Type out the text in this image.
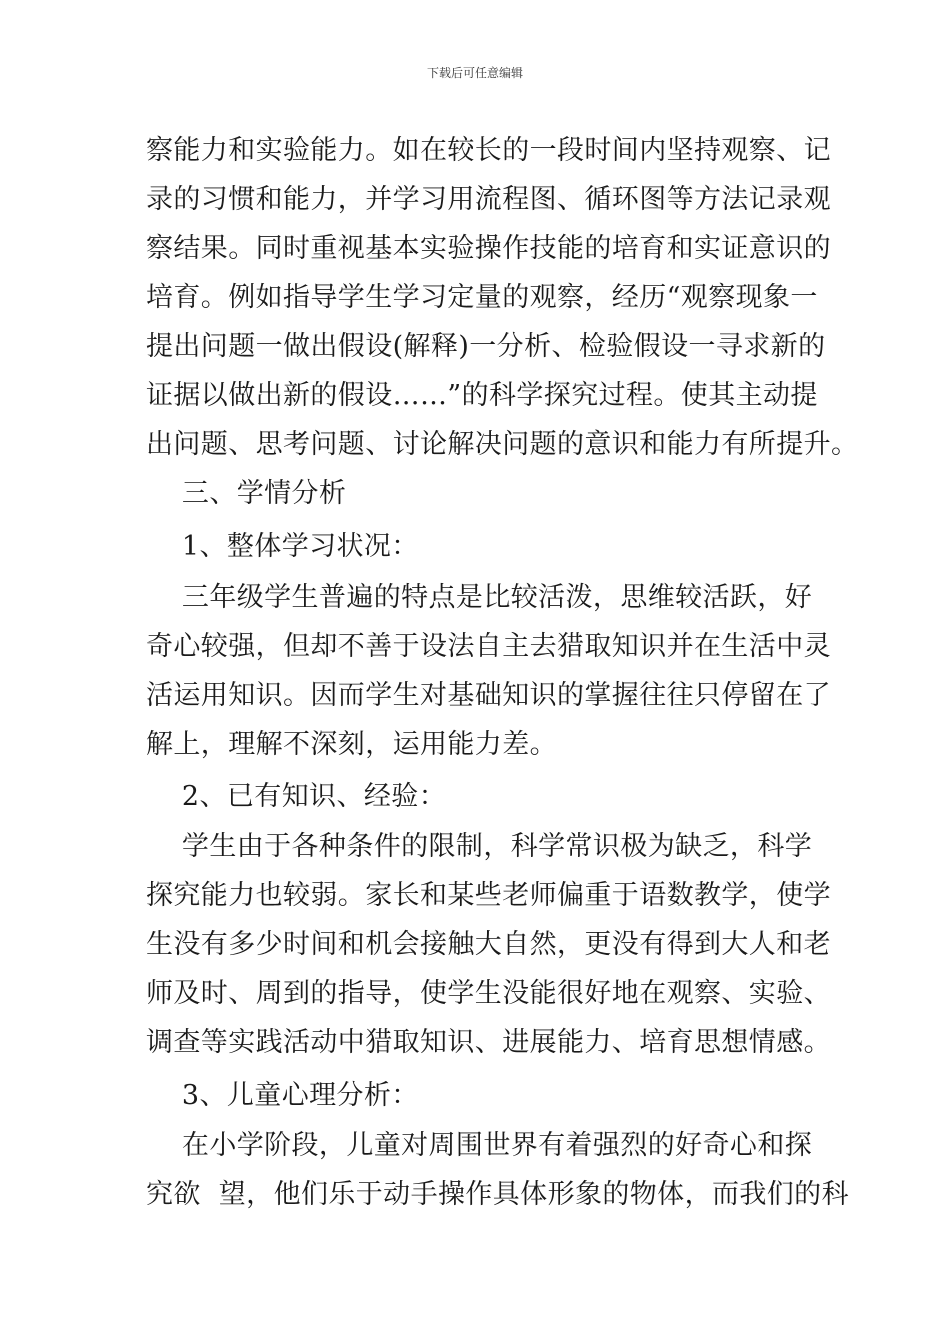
下载后可任意编辑
察能力和实验能力。如在较长的一段时间内坚持观察、记
录的习惯和能力，并学习用流程图、循环图等方法记录观
察结果。同时重视基本实验操作技能的培育和实证意识的
培育。例如指导学生学习定量的观察，经历“观察现象一
提出问题一做出假设(解释)一分析、检验假设一寻求新的
证据以做出新的假设……”的科学探究过程。使其主动提
出问题、思考问题、讨论解决问题的意识和能力有所提升。
三、学情分析
1、整体学习状况：
三年级学生普遍的特点是比较活泼，思维较活跃，好
奇心较强，但却不善于设法自主去猎取知识并在生活中灵
活运用知识。因而学生对基础知识的掌握往往只停留在了
解上，理解不深刻，运用能力差。
2、已有知识、经验：
学生由于各种条件的限制，科学常识极为缺乏，科学
探究能力也较弱。家长和某些老师偏重于语数教学，使学
生没有多少时间和机会接触大自然，更没有得到大人和老
师及时、周到的指导，使学生没能很好地在观察、实验、
调查等实践活动中猎取知识、进展能力、培育思想情感。
3、儿童心理分析：
在小学阶段，儿童对周围世界有着强烈的好奇心和探
究欲  望，他们乐于动手操作具体形象的物体，而我们的科
